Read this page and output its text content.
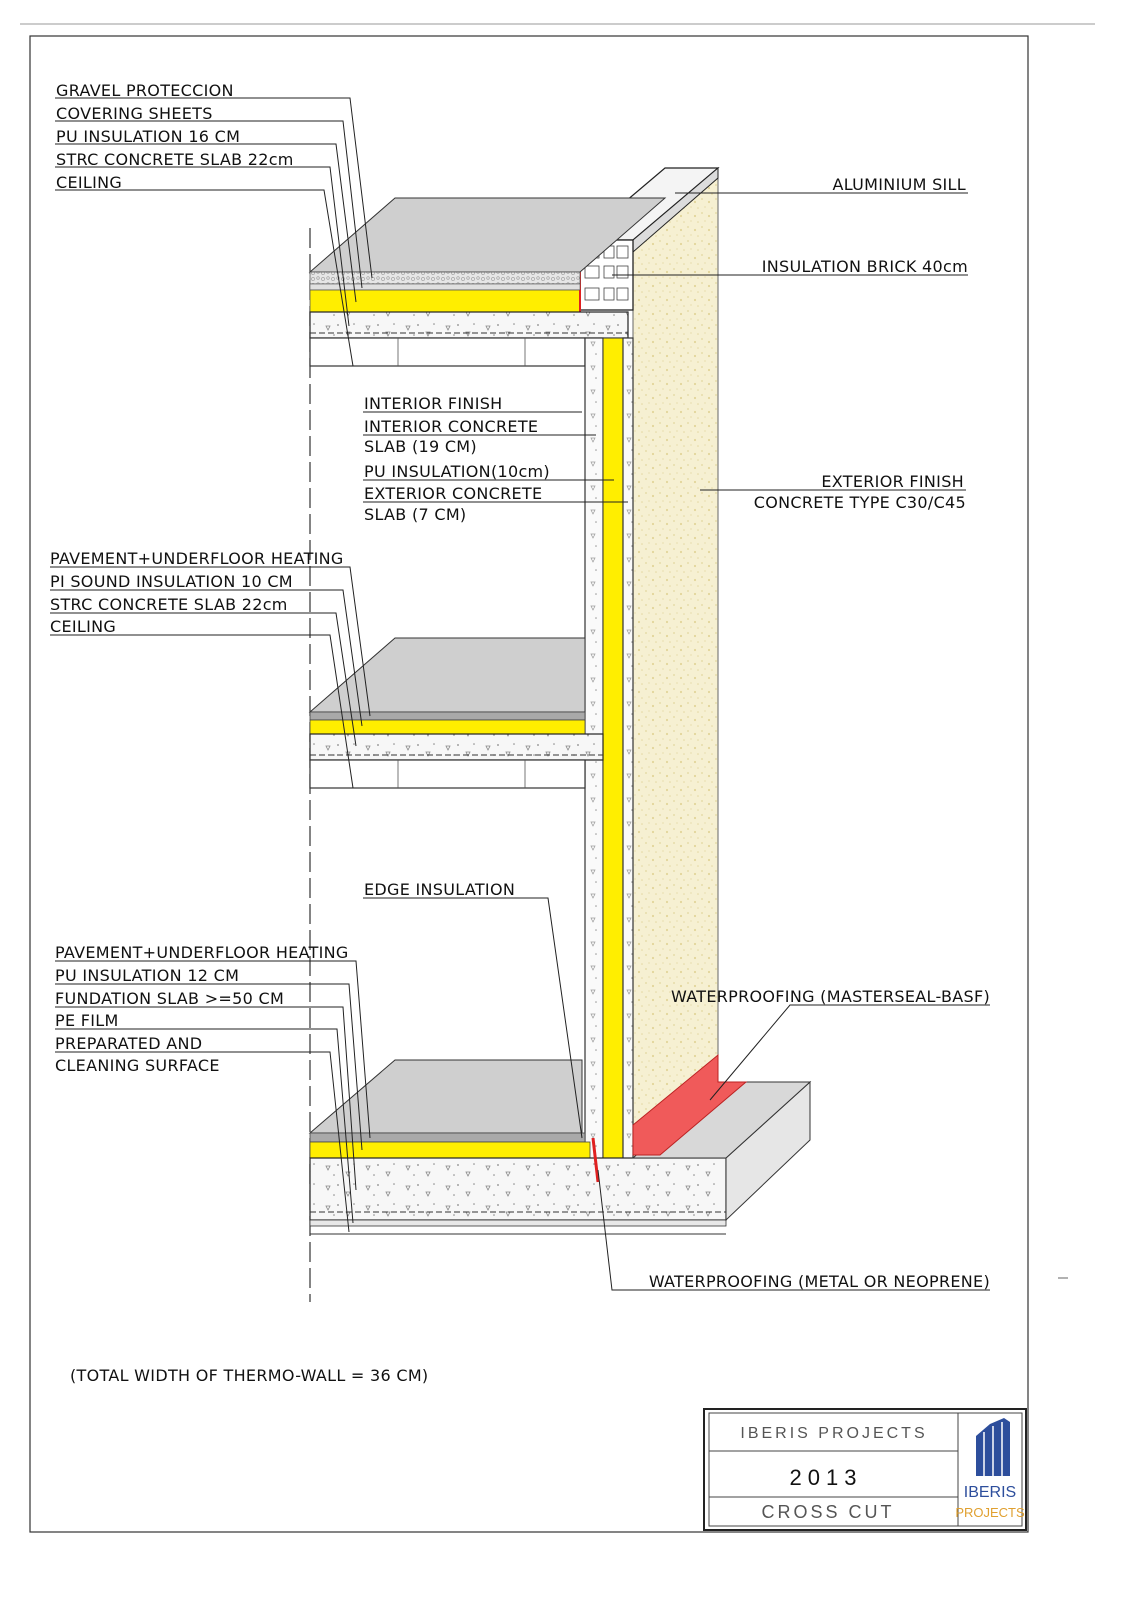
GRAVEL PROTECCION
COVERING SHEETS
PU INSULATION 16 CM
STRC CONCRETE SLAB 22cm
CEILING	ALUMINIUM SILL
INSULATION BRICK 40cm
EXTERIOR FINISH
CONCRETE TYPE C30/C45
WATERPROOFING (MASTERSEAL-BASF)
WATERPROOFING (METAL OR NEOPRENE)
INTERIOR FINISH
INTERIOR CONCRETE
SLAB (19 CM)
PU INSULATION(10cm)
EXTERIOR CONCRETE
SLAB (7 CM)
PAVEMENT+UNDERFLOOR HEATING
PI SOUND INSULATION 10 CM
STRC CONCRETE SLAB 22cm
CEILING
EDGE INSULATION
PAVEMENT+UNDERFLOOR HEATING
PU INSULATION 12 CM
FUNDATION SLAB >=50 CM
PE FILM
PREPARATED AND
CLEANING SURFACE
(TOTAL WIDTH OF THERMO-WALL = 36 CM)
IBERIS PROJECTS
2013
CROSS CUT
IBERIS
PROJECTS
